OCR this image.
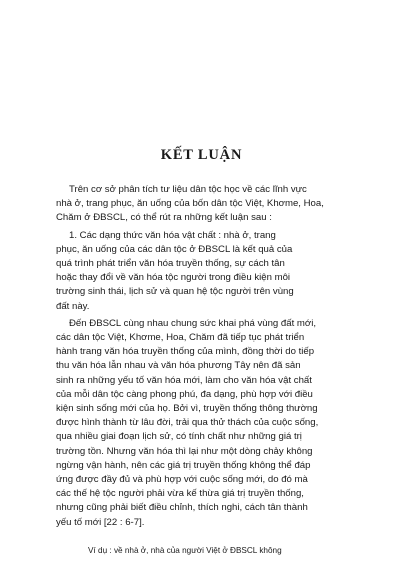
KẾT LUẬN

Trên cơ sở phân tích tư liệu dân tộc học về các lĩnh vực
nhà ở, trang phục, ăn uống của bốn dân tộc Việt, Khơme, Hoa,
Chăm ở ĐBSCL, có thể rút ra những kết luận sau :

1. Các dạng thức văn hóa vật chất : nhà ở, trang
phục, ăn uống của các dân tộc ở ĐBSCL là kết quả của
quá trình phát triển văn hóa truyền thống, sự cách tân
hoặc thay đổi về văn hóa tộc người trong điều kiện môi
trường sinh thái, lịch sử và quan hệ tộc người trên vùng
đất này.

Đến ĐBSCL cùng nhau chung sức khai phá vùng đất mới,
các dân tộc Việt, Khơme, Hoa, Chăm đã tiếp tục phát triển
hành trang văn hóa truyền thống của mình, đồng thời do tiếp
thu văn hóa lẫn nhau và văn hóa phương Tây nên đã sản
sinh ra những yếu tố văn hóa mới, làm cho văn hóa vật chất
của mỗi dân tộc càng phong phú, đa dạng, phù hợp với điều
kiện sinh sống mới của họ. Bởi vì, truyền thống thông thường
được hình thành từ lâu đời, trải qua thử thách của cuộc sống,
qua nhiều giai đoạn lịch sử, có tính chất như những giá trị
trường tồn. Nhưng văn hóa thì lại như một dòng chảy không
ngừng vận hành, nên các giá trị truyền thống không thể đáp
ứng được đầy đủ và phù hợp với cuộc sống mới, do đó mà
các thế hệ tộc người phải vừa kế thừa giá trị truyền thống,
nhưng cũng phải biết điều chỉnh, thích nghi, cách tân thành
yếu tố mới [22 : 6-7].

Ví dụ : về nhà ở, nhà của người Việt ở ĐBSCL không
